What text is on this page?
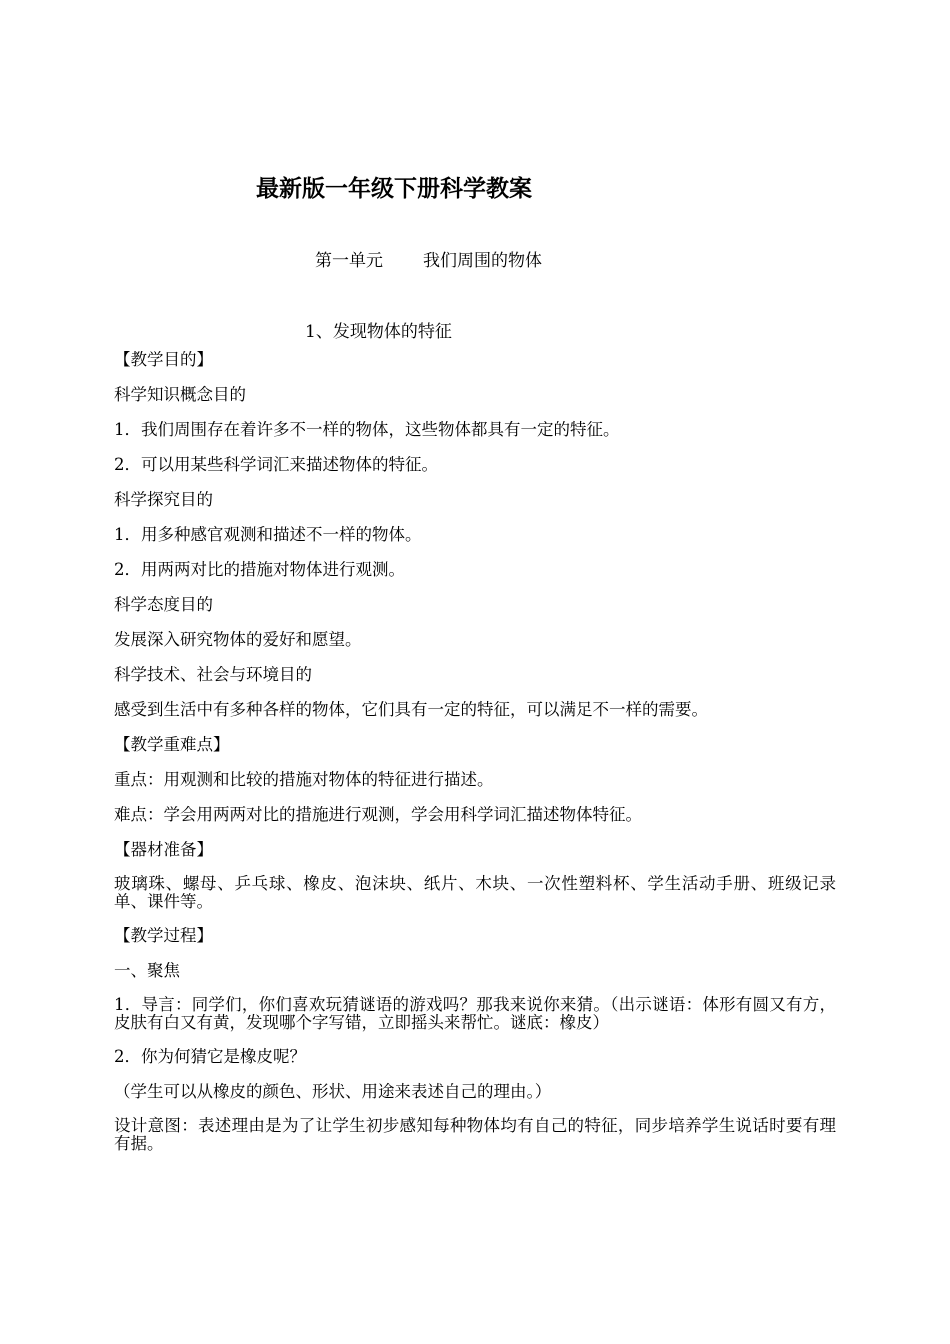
最新版一年级下册科学教案

第一单元 我们周围的物体

1、发现物体的特征

【教学目的】

科学知识概念目的

1．我们周围存在着许多不一样的物体，这些物体都具有一定的特征。

2．可以用某些科学词汇来描述物体的特征。

科学探究目的

1．用多种感官观测和描述不一样的物体。

2．用两两对比的措施对物体进行观测。

科学态度目的

发展深入研究物体的爱好和愿望。

科学技术、社会与环境目的

感受到生活中有多种各样的物体，它们具有一定的特征，可以满足不一样的需要。

【教学重难点】

重点：用观测和比较的措施对物体的特征进行描述。

难点：学会用两两对比的措施进行观测，学会用科学词汇描述物体特征。

【器材准备】

玻璃珠、螺母、乒乓球、橡皮、泡沫块、纸片、木块、一次性塑料杯、学生活动手册、班级记录单、课件等。

【教学过程】

一、聚焦

1．导言：同学们，你们喜欢玩猜谜语的游戏吗？那我来说你来猜。（出示谜语：体形有圆又有方，皮肤有白又有黄，发现哪个字写错，立即摇头来帮忙。谜底：橡皮）

2．你为何猜它是橡皮呢？

（学生可以从橡皮的颜色、形状、用途来表述自己的理由。）

设计意图：表述理由是为了让学生初步感知每种物体均有自己的特征，同步培养学生说话时要有理有据。
